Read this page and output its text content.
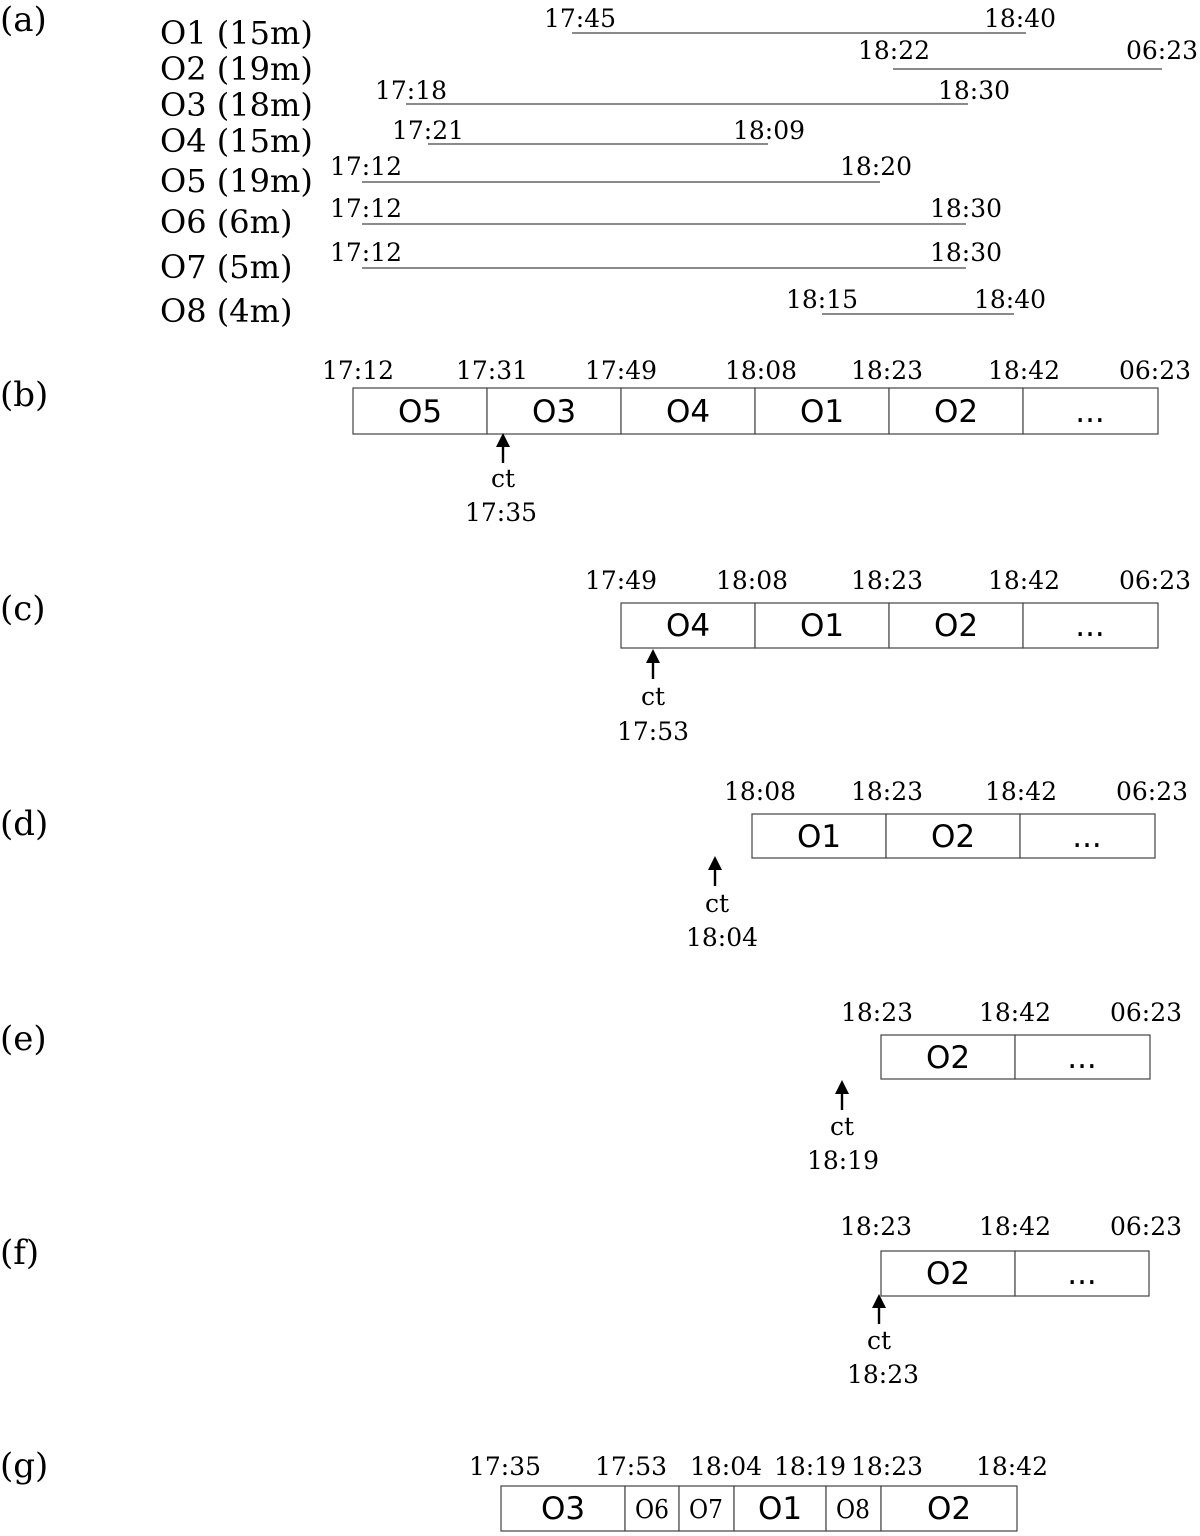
(a)	O1 (15m)	17:45	18:40
O2 (19m)	18:22	06:23
O3 (18m) 17:18	18:30
O4 (15m)	17:21	18:09
O5 (19m) 17:12	18:20
O6 (6m) 17:12	18:30
O7 (5m) 17:12	18:30
O8 (4m)	18:15	18:40
(b)
17:12 17:31 17:49	18:08 18:23	18:42 06:23
O5	O3	O4	O1	O2	...
ct
17:35
(c)
17:49 18:08	18:23	18:42 06:23
O4	O1	O2	...
ct
17:53
(d)
18:08 18:23 18:42 06:23
O1	O2	...
ct
18:04
(e)
18:23	18:42 06:23
O2	...
ct
18:19
(f)
18:23	18:42 06:23
O2	...
ct
18:23
(g)	17:35 17:53 18:04 18:19 18:23 18:42
O3 O6 O7 O1 O8 O2
